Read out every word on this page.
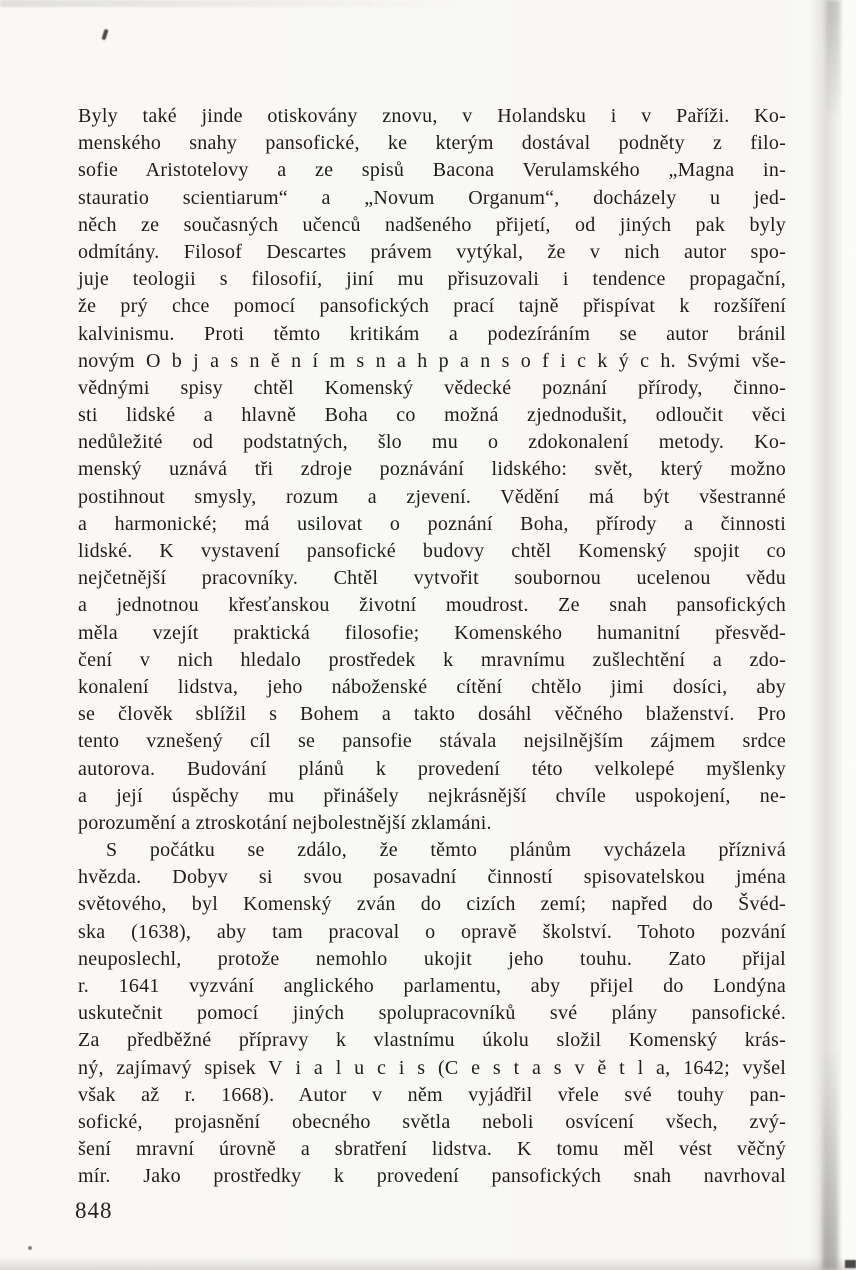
Byly také jinde otiskovány znovu, v Holandsku i v Paříži. Ko-

menského snahy pansofické, ke kterým dostával podněty z filo-

sofie Aristotelovy a ze spisů Bacona Verulamského „Magna in-

stauratio scientiarum“ a „Novum Organum“, docházely u jed-

něch ze současných učenců nadšeného přijetí, od jiných pak byly

odmítány. Filosof Descartes právem vytýkal, že v nich autor spo-

juje teologii s filosofií, jiní mu přisuzovali i tendence propagační,

že prý chce pomocí pansofických prací tajně přispívat k rozšíření

kalvinismu. Proti těmto kritikám a podezíráním se autor bránil

novým O b j a s n ě n í m s n a h p a n s o f i c k ý c h. Svými vše-

vědnými spisy chtěl Komenský vědecké poznání přírody, činno-

sti lidské a hlavně Boha co možná zjednodušit, odloučit věci

nedůležité od podstatných, šlo mu o zdokonalení metody. Ko-

menský uznává tři zdroje poznávání lidského: svět, který možno

postihnout smysly, rozum a zjevení. Vědění má být všestranné

a harmonické; má usilovat o poznání Boha, přírody a činnosti

lidské. K vystavení pansofické budovy chtěl Komenský spojit co

nejčetnější pracovníky. Chtěl vytvořit soubornou ucelenou vědu

a jednotnou křesťanskou životní moudrost. Ze snah pansofických

měla vzejít praktická filosofie; Komenského humanitní přesvěd-

čení v nich hledalo prostředek k mravnímu zušlechtění a zdo-

konalení lidstva, jeho náboženské cítění chtělo jimi dosíci, aby

se člověk sblížil s Bohem a takto dosáhl věčného blaženství. Pro

tento vznešený cíl se pansofie stávala nejsilnějším zájmem srdce

autorova. Budování plánů k provedení této velkolepé myšlenky

a její úspěchy mu přinášely nejkrásnější chvíle uspokojení, ne-

porozumění a ztroskotání nejbolestnější zklamáni.

S počátku se zdálo, že těmto plánům vycházela příznivá

hvězda. Dobyv si svou posavadní činností spisovatelskou jména

světového, byl Komenský zván do cizích zemí; napřed do Švéd-

ska (1638), aby tam pracoval o opravě školství. Tohoto pozvání

neuposlechl, protože nemohlo ukojit jeho touhu. Zato přijal

r. 1641 vyzvání anglického parlamentu, aby přijel do Londýna

uskutečnit pomocí jiných spolupracovníků své plány pansofické.

Za předběžné přípravy k vlastnímu úkolu složil Komenský krás-

ný, zajímavý spisek V i a l u c i s (C e s t a s v ě t l a, 1642; vyšel

však až r. 1668). Autor v něm vyjádřil vřele své touhy pan-

sofické, projasnění obecného světla neboli osvícení všech, zvý-

šení mravní úrovně a sbratření lidstva. K tomu měl vést věčný

mír. Jako prostředky k provedení pansofických snah navrhoval

848
